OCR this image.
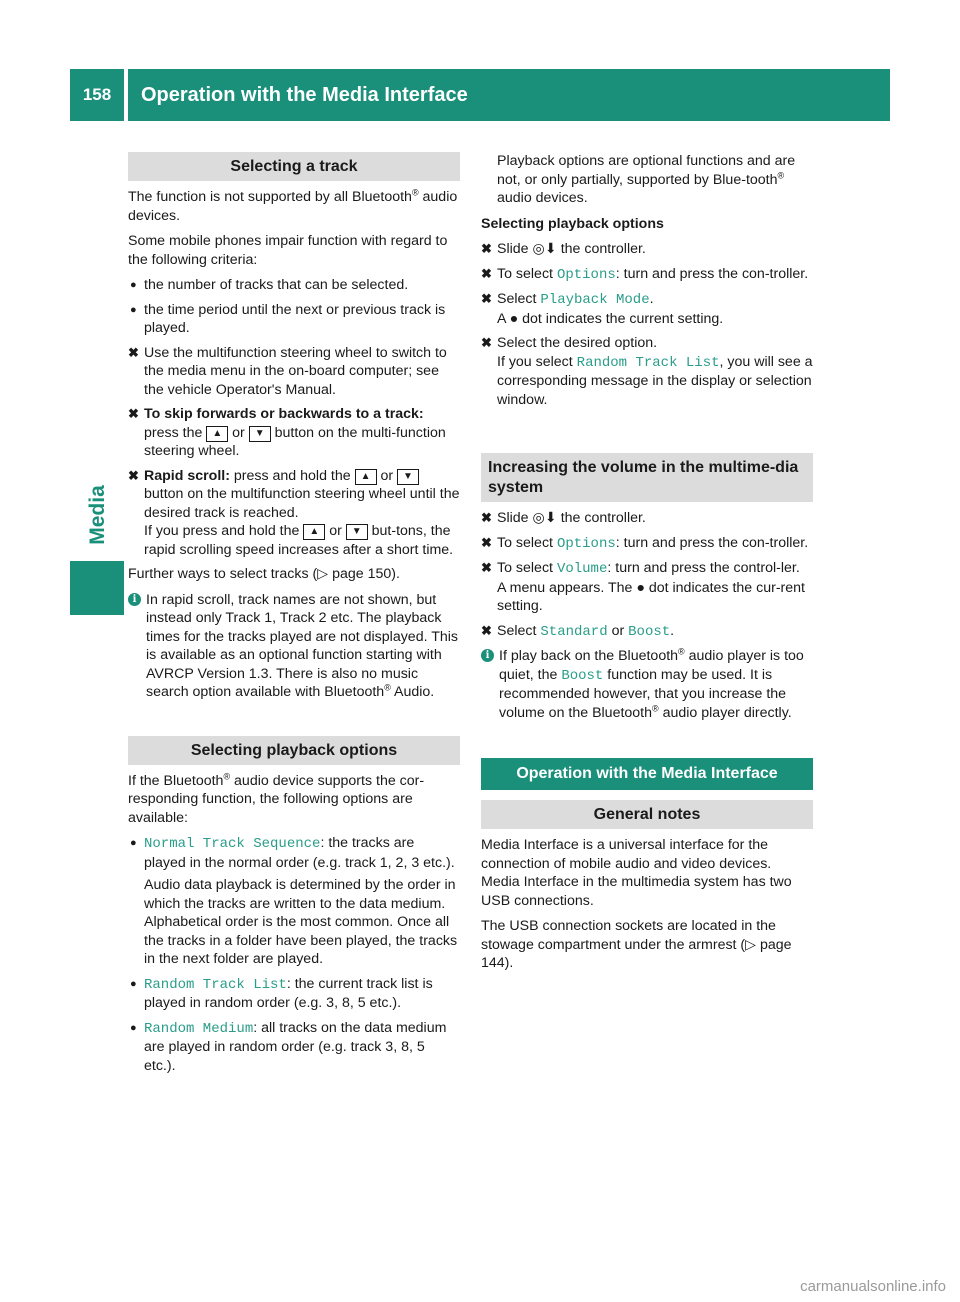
158	Operation with the Media Interface
Media
Selecting a track

The function is not supported by all Bluetooth® audio devices.

Some mobile phones impair function with regard to the following criteria:

● the number of tracks that can be selected.
● the time period until the next or previous track is played.
✖ Use the multifunction steering wheel to switch to the media menu in the on-board computer; see the vehicle Operator's Manual.
✖ To skip forwards or backwards to a track: press the ▲ or ▼ button on the multi-function steering wheel.
✖ Rapid scroll: press and hold the ▲ or ▼ button on the multifunction steering wheel until the desired track is reached.
If you press and hold the ▲ or ▼ but-tons, the rapid scrolling speed increases after a short time.

Further ways to select tracks (▷ page 150).

i In rapid scroll, track names are not shown, but instead only Track 1, Track 2 etc. The playback times for the tracks played are not displayed. This is available as an optional function starting with AVRCP Version 1.3. There is also no music search option available with Bluetooth® Audio.
Selecting playback options

If the Bluetooth® audio device supports the cor-responding function, the following options are available:

● Normal Track Sequence: the tracks are played in the normal order (e.g. track 1, 2, 3 etc.).

Audio data playback is determined by the order in which the tracks are written to the data medium. Alphabetical order is the most common. Once all the tracks in a folder have been played, the tracks in the next folder are played.
● Random Track List: the current track list is played in random order (e.g. 3, 8, 5 etc.).
● Random Medium: all tracks on the data medium are played in random order (e.g. track 3, 8, 5 etc.).

Playback options are optional functions and are not, or only partially, supported by Blue-tooth® audio devices.

Selecting playback options

✖ Slide ◎⬇ the controller.
✖ To select Options: turn and press the con-troller.
✖ Select Playback Mode.
A ● dot indicates the current setting.
✖ Select the desired option.
If you select Random Track List, you will see a corresponding message in the display or selection window.
Increasing the volume in the multime-dia system
✖ Slide ◎⬇ the controller.
✖ To select Options: turn and press the con-troller.
✖ To select Volume: turn and press the control-ler.
A menu appears. The ● dot indicates the cur-rent setting.
✖ Select Standard or Boost.
i If play back on the Bluetooth® audio player is too quiet, the Boost function may be used. It is recommended however, that you increase the volume on the Bluetooth® audio player directly.
Operation with the Media Interface
General notes

Media Interface is a universal interface for the connection of mobile audio and video devices. Media Interface in the multimedia system has two USB connections.

The USB connection sockets are located in the stowage compartment under the armrest (▷ page 144).

carmanualsonline.info
